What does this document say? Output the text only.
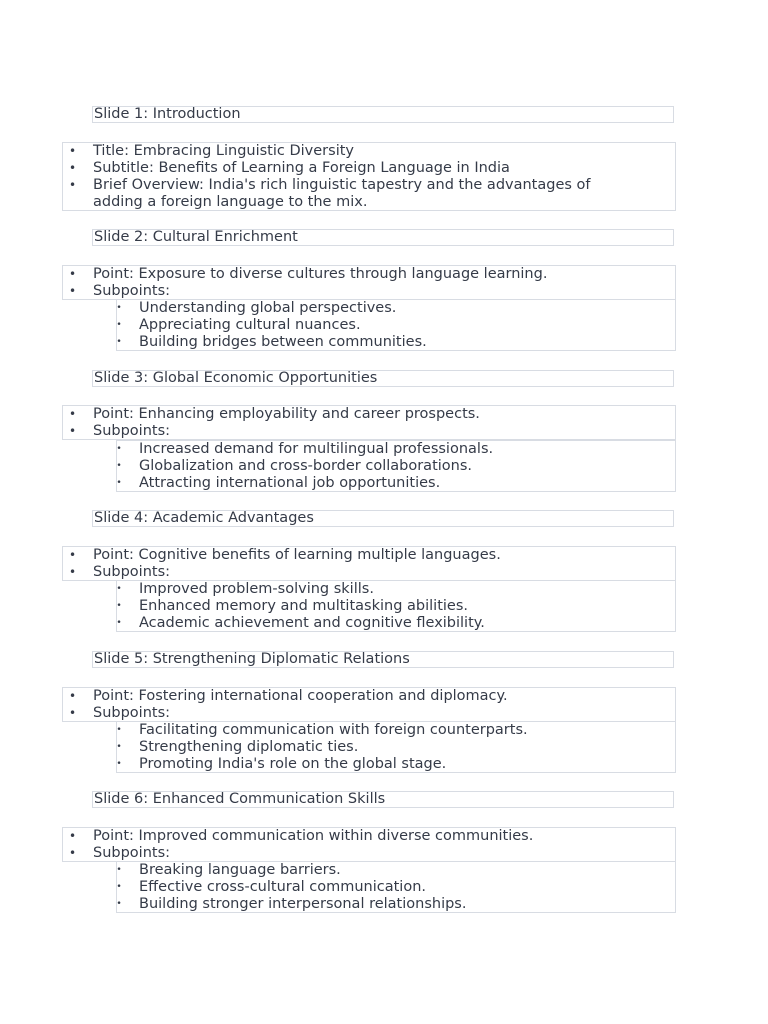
Slide 1: Introduction
• Title: Embracing Linguistic Diversity
• Subtitle: Benefits of Learning a Foreign Language in India
• Brief Overview: India's rich linguistic tapestry and the advantages of adding a foreign language to the mix.
Slide 2: Cultural Enrichment
• Point: Exposure to diverse cultures through language learning.
• Subpoints:
• Understanding global perspectives.
• Appreciating cultural nuances.
• Building bridges between communities.
Slide 3: Global Economic Opportunities
• Point: Enhancing employability and career prospects.
• Subpoints:
• Increased demand for multilingual professionals.
• Globalization and cross-border collaborations.
• Attracting international job opportunities.
Slide 4: Academic Advantages
• Point: Cognitive benefits of learning multiple languages.
• Subpoints:
• Improved problem-solving skills.
• Enhanced memory and multitasking abilities.
• Academic achievement and cognitive flexibility.
Slide 5: Strengthening Diplomatic Relations
• Point: Fostering international cooperation and diplomacy.
• Subpoints:
• Facilitating communication with foreign counterparts.
• Strengthening diplomatic ties.
• Promoting India's role on the global stage.
Slide 6: Enhanced Communication Skills
• Point: Improved communication within diverse communities.
• Subpoints:
• Breaking language barriers.
• Effective cross-cultural communication.
• Building stronger interpersonal relationships.
